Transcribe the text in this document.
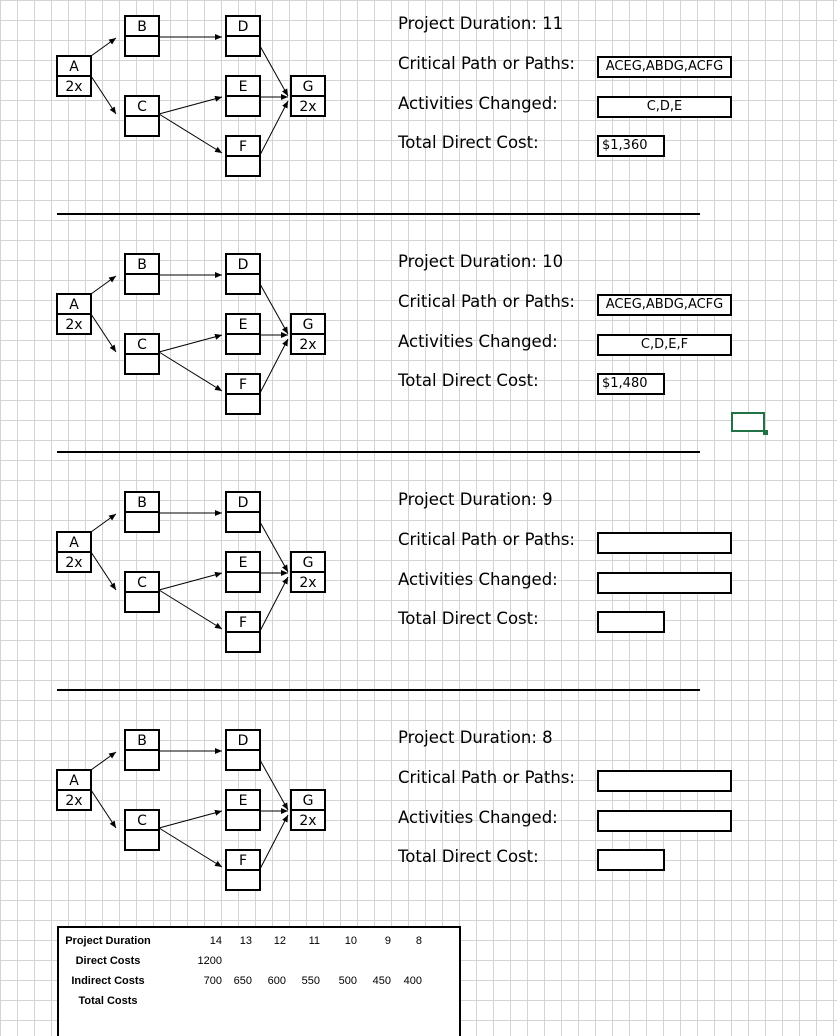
A
2x
B
C
D
E
F
G
2x
Project Duration: 11
Critical Path or Paths:	ACEG,ABDG,ACFG
Activities Changed:	C,D,E
Total Direct Cost:	$1,360
A
2x
B
C
D
E
F
G
2x
Project Duration: 10
Critical Path or Paths:	ACEG,ABDG,ACFG
Activities Changed:	C,D,E,F
Total Direct Cost:	$1,480
A
2x
B
C
D
E
F
G
2x
Project Duration: 9
Critical Path or Paths:
Activities Changed:
Total Direct Cost:
A
2x
B
C
D
E
F
G
2x
Project Duration: 8
Critical Path or Paths:
Activities Changed:
Total Direct Cost:
Project Duration	14	13	12	11	10	9	8
Direct Costs	1200
Indirect Costs	700	650	600	550	500	450	400
Total Costs
